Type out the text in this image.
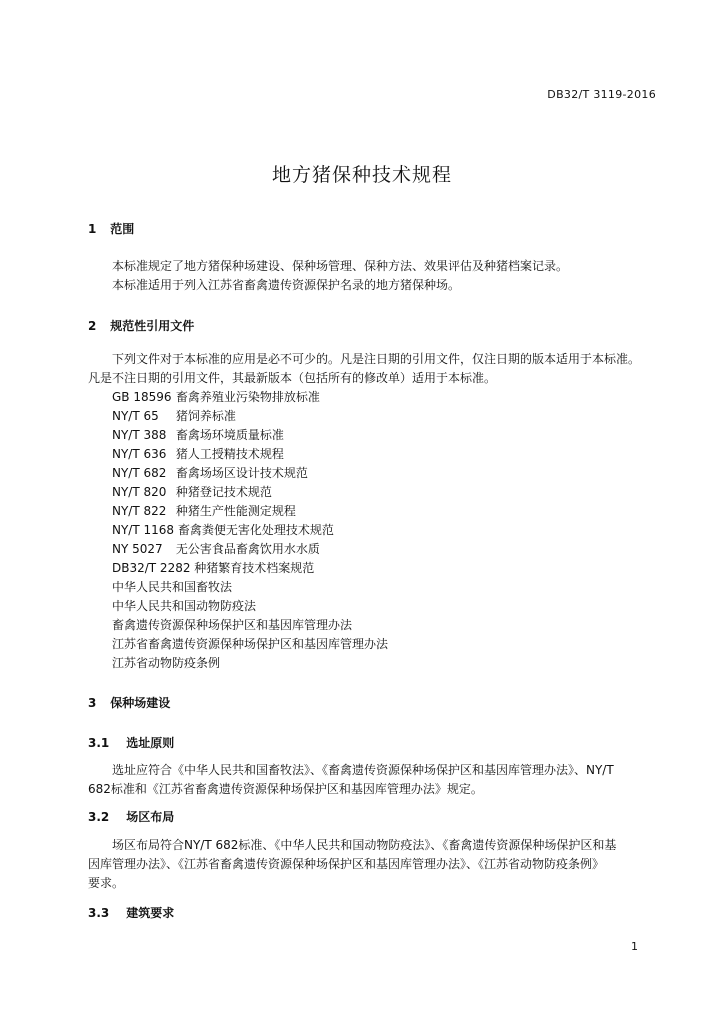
DB32/T 3119-2016
地方猪保种技术规程
1 范围
本标准规定了地方猪保种场建设、保种场管理、保种方法、效果评估及种猪档案记录。
本标准适用于列入江苏省畜禽遗传资源保护名录的地方猪保种场。
2 规范性引用文件
下列文件对于本标准的应用是必不可少的。凡是注日期的引用文件，仅注日期的版本适用于本标准。
凡是不注日期的引用文件，其最新版本（包括所有的修改单）适用于本标准。
GB 18596 畜禽养殖业污染物排放标准
NY/T 65 猪饲养标准
NY/T 388 畜禽场环境质量标准
NY/T 636 猪人工授精技术规程
NY/T 682 畜禽场场区设计技术规范
NY/T 820 种猪登记技术规范
NY/T 822 种猪生产性能测定规程
NY/T 1168 畜禽粪便无害化处理技术规范
NY 5027 无公害食品畜禽饮用水水质
DB32/T 2282 种猪繁育技术档案规范
中华人民共和国畜牧法
中华人民共和国动物防疫法
畜禽遗传资源保种场保护区和基因库管理办法
江苏省畜禽遗传资源保种场保护区和基因库管理办法
江苏省动物防疫条例
3 保种场建设
3.1 选址原则
选址应符合《中华人民共和国畜牧法》、《畜禽遗传资源保种场保护区和基因库管理办法》、NY/T
682标准和《江苏省畜禽遗传资源保种场保护区和基因库管理办法》规定。
3.2 场区布局
场区布局符合NY/T 682标准、《中华人民共和国动物防疫法》、《畜禽遗传资源保种场保护区和基
因库管理办法》、《江苏省畜禽遗传资源保种场保护区和基因库管理办法》、《江苏省动物防疫条例》
要求。
3.3 建筑要求
1
